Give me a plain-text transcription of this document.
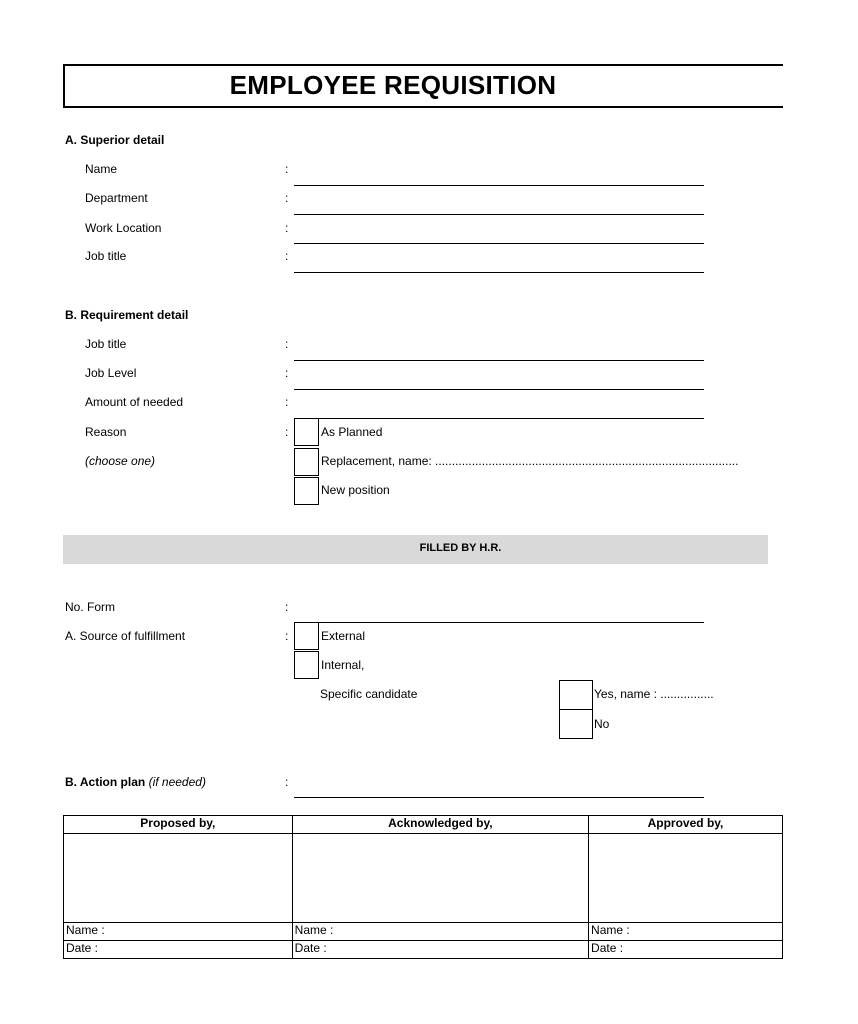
EMPLOYEE REQUISITION
A. Superior detail
Name	:
Department	:
Work Location	:
Job title	:
B. Requirement detail
Job title	:
Job Level	:
Amount of needed	:
Reason	:
(choose one)
As Planned
Replacement, name: ...........................................................................................
New position
FILLED BY H.R.
No. Form	:
A. Source of fulfillment	:	External
Internal,
Specific candidate	Yes, name : ................
No
B. Action plan (if needed)	:
Proposed by,	Acknowledged by,	Approved by,

Name :	Name :	Name :
Date :	Date :	Date :
